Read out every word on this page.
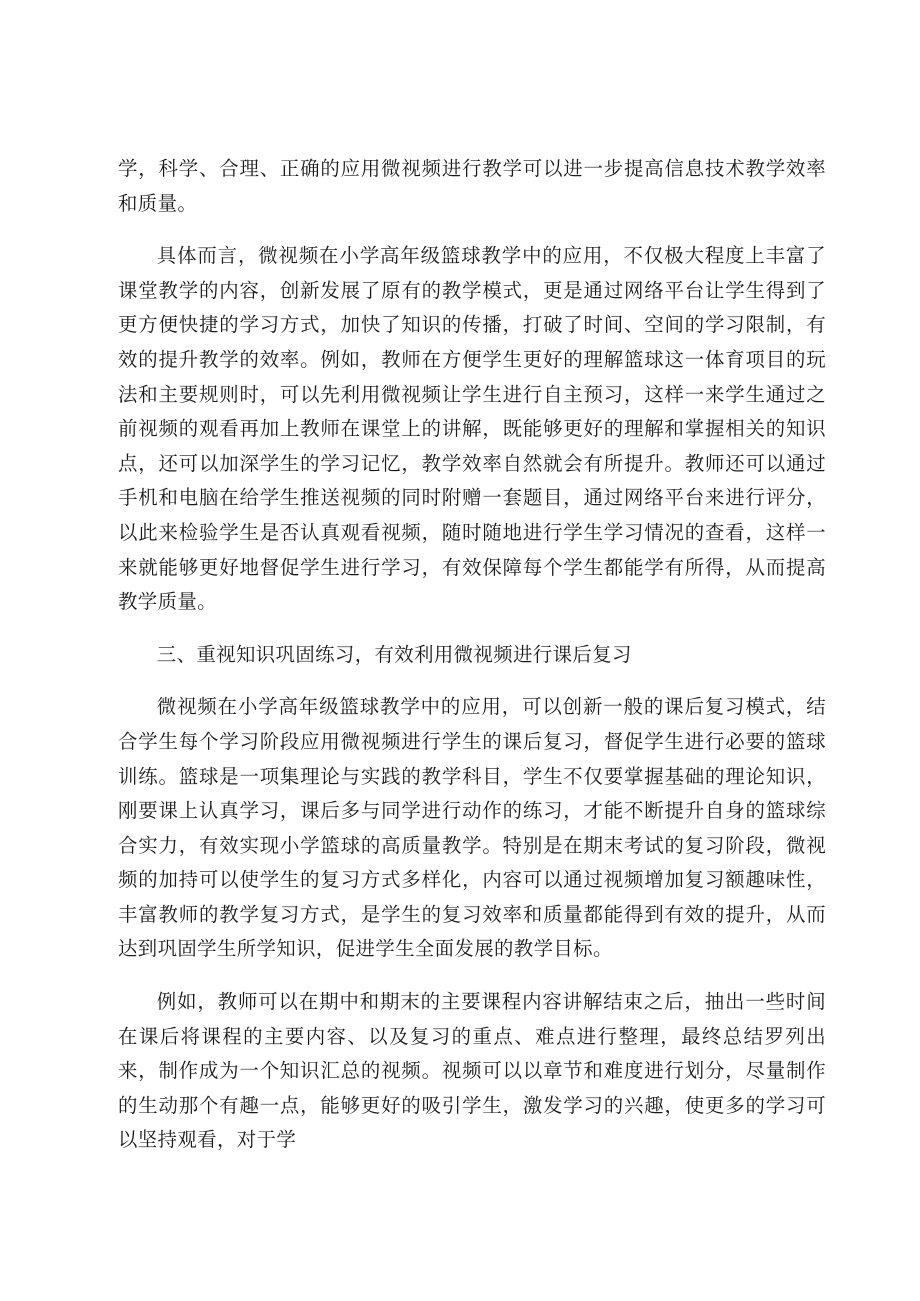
学，科学、合理、正确的应用微视频进行教学可以进一步提高信息技术教学效率和质量。

具体而言，微视频在小学高年级篮球教学中的应用，不仅极大程度上丰富了课堂教学的内容，创新发展了原有的教学模式，更是通过网络平台让学生得到了更方便快捷的学习方式，加快了知识的传播，打破了时间、空间的学习限制，有效的提升教学的效率。例如，教师在方便学生更好的理解篮球这一体育项目的玩法和主要规则时，可以先利用微视频让学生进行自主预习，这样一来学生通过之前视频的观看再加上教师在课堂上的讲解，既能够更好的理解和掌握相关的知识点，还可以加深学生的学习记忆，教学效率自然就会有所提升。教师还可以通过手机和电脑在给学生推送视频的同时附赠一套题目，通过网络平台来进行评分，以此来检验学生是否认真观看视频，随时随地进行学生学习情况的查看，这样一来就能够更好地督促学生进行学习，有效保障每个学生都能学有所得，从而提高教学质量。

三、重视知识巩固练习，有效利用微视频进行课后复习

微视频在小学高年级篮球教学中的应用，可以创新一般的课后复习模式，结合学生每个学习阶段应用微视频进行学生的课后复习，督促学生进行必要的篮球训练。篮球是一项集理论与实践的教学科目，学生不仅要掌握基础的理论知识，刚要课上认真学习，课后多与同学进行动作的练习，才能不断提升自身的篮球综合实力，有效实现小学篮球的高质量教学。特别是在期末考试的复习阶段，微视频的加持可以使学生的复习方式多样化，内容可以通过视频增加复习额趣味性，丰富教师的教学复习方式，是学生的复习效率和质量都能得到有效的提升，从而达到巩固学生所学知识，促进学生全面发展的教学目标。

例如，教师可以在期中和期末的主要课程内容讲解结束之后，抽出一些时间在课后将课程的主要内容、以及复习的重点、难点进行整理，最终总结罗列出来，制作成为一个知识汇总的视频。视频可以以章节和难度进行划分，尽量制作的生动那个有趣一点，能够更好的吸引学生，激发学习的兴趣，使更多的学习可以坚持观看，对于学
